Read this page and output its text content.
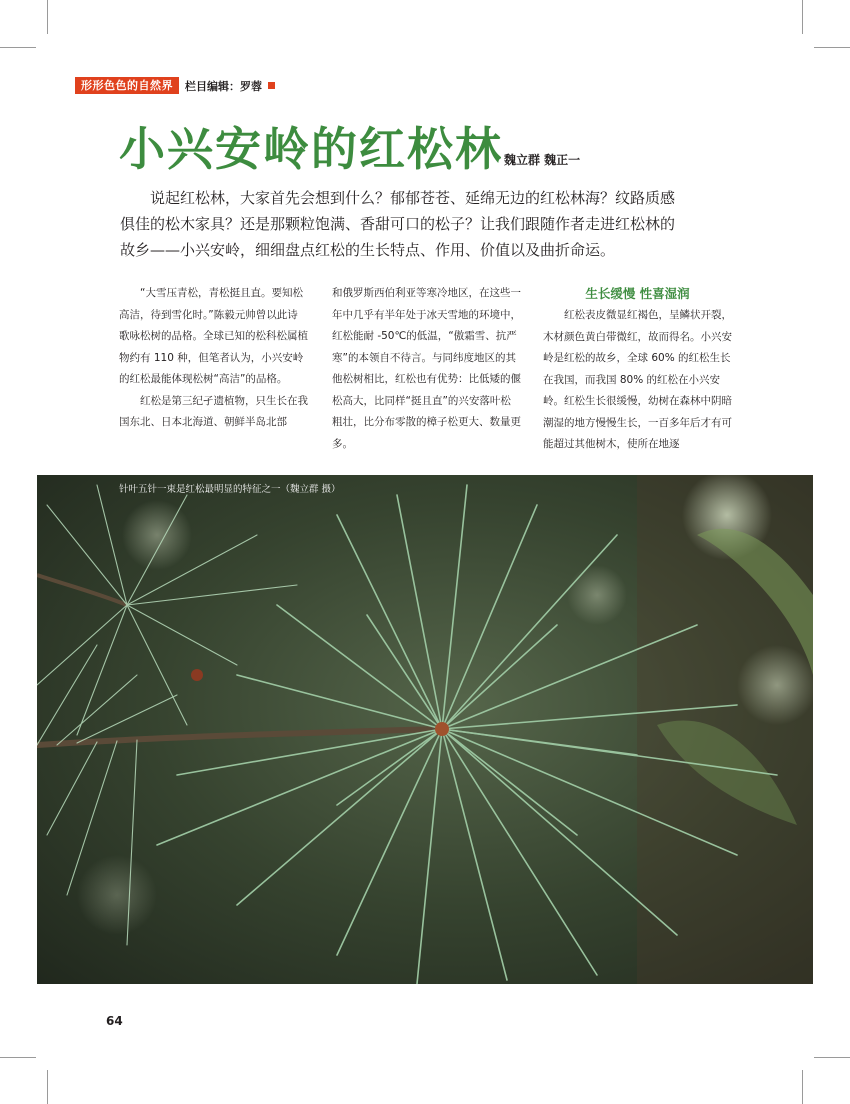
形形色色的自然界	栏目编辑：罗蓉
小兴安岭的红松林 魏立群 魏正一

说起红松林，大家首先会想到什么？郁郁苍苍、延绵无边的红松林海？纹路质感俱佳的松木家具？还是那颗粒饱满、香甜可口的松子？让我们跟随作者走进红松林的故乡——小兴安岭，细细盘点红松的生长特点、作用、价值以及曲折命运。

“大雪压青松，青松挺且直。要知松高洁，待到雪化时。”陈毅元帅曾以此诗歌咏松树的品格。全球已知的松科松属植物约有 110 种，但笔者认为，小兴安岭的红松最能体现松树“高洁”的品格。

红松是第三纪孑遗植物，只生长在我国东北、日本北海道、朝鲜半岛北部

和俄罗斯西伯利亚等寒冷地区，在这些一年中几乎有半年处于冰天雪地的环境中，红松能耐 -50℃的低温，“傲霜雪、抗严寒”的本领自不待言。与同纬度地区的其他松树相比，红松也有优势：比低矮的偃松高大，比同样“挺且直”的兴安落叶松粗壮，比分布零散的樟子松更大、数量更多。

生长缓慢 性喜湿润

红松表皮微显红褐色，呈鳞状开裂，木材颜色黄白带微红，故而得名。小兴安岭是红松的故乡，全球 60% 的红松生长在我国，而我国 80% 的红松在小兴安岭。红松生长很缓慢，幼树在森林中阴暗潮湿的地方慢慢生长，一百多年后才有可能超过其他树木，使所在地逐

针叶五针一束是红松最明显的特征之一（魏立群 摄）
64
